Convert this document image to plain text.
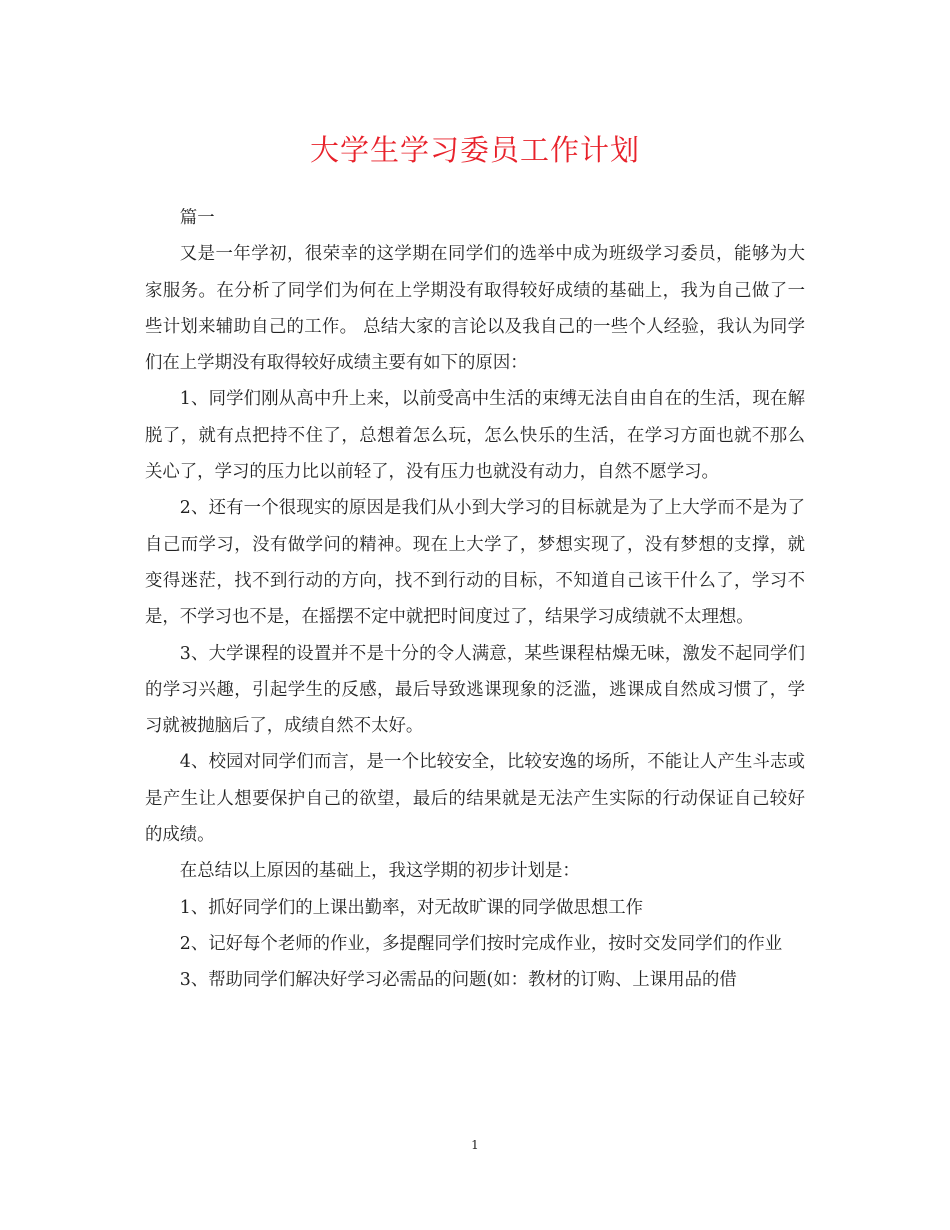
大学生学习委员工作计划

篇一

又是一年学初，很荣幸的这学期在同学们的选举中成为班级学习委员，能够为大家服务。在分析了同学们为何在上学期没有取得较好成绩的基础上，我为自己做了一些计划来辅助自己的工作。 总结大家的言论以及我自己的一些个人经验，我认为同学们在上学期没有取得较好成绩主要有如下的原因：

1、同学们刚从高中升上来，以前受高中生活的束缚无法自由自在的生活，现在解脱了，就有点把持不住了，总想着怎么玩，怎么快乐的生活，在学习方面也就不那么关心了，学习的压力比以前轻了，没有压力也就没有动力，自然不愿学习。

2、还有一个很现实的原因是我们从小到大学习的目标就是为了上大学而不是为了自己而学习，没有做学问的精神。现在上大学了，梦想实现了，没有梦想的支撑，就变得迷茫，找不到行动的方向，找不到行动的目标，不知道自己该干什么了，学习不是，不学习也不是，在摇摆不定中就把时间度过了，结果学习成绩就不太理想。

3、大学课程的设置并不是十分的令人满意，某些课程枯燥无味，激发不起同学们的学习兴趣，引起学生的反感，最后导致逃课现象的泛滥，逃课成自然成习惯了，学习就被抛脑后了，成绩自然不太好。

4、校园对同学们而言，是一个比较安全，比较安逸的场所，不能让人产生斗志或是产生让人想要保护自己的欲望，最后的结果就是无法产生实际的行动保证自己较好的成绩。

在总结以上原因的基础上，我这学期的初步计划是：

1、抓好同学们的上课出勤率，对无故旷课的同学做思想工作

2、记好每个老师的作业，多提醒同学们按时完成作业，按时交发同学们的作业

3、帮助同学们解决好学习必需品的问题(如：教材的订购、上课用品的借

1
